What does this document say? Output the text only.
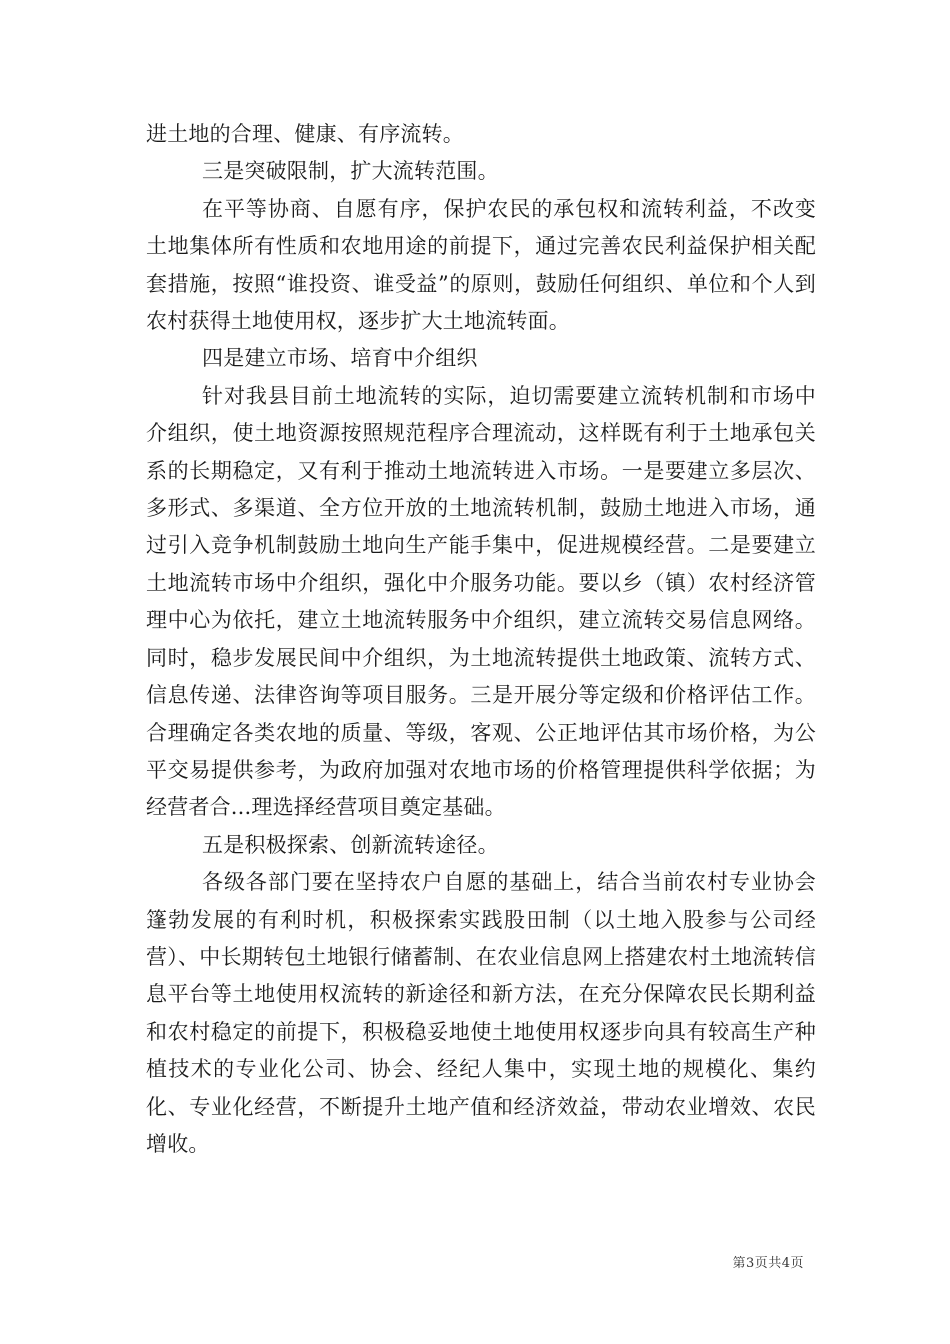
进土地的合理、健康、有序流转。

三是突破限制，扩大流转范围。

在平等协商、自愿有序，保护农民的承包权和流转利益，不改变土地集体所有性质和农地用途的前提下，通过完善农民利益保护相关配套措施，按照“谁投资、谁受益”的原则，鼓励任何组织、单位和个人到农村获得土地使用权，逐步扩大土地流转面。

四是建立市场、培育中介组织

针对我县目前土地流转的实际，迫切需要建立流转机制和市场中介组织，使土地资源按照规范程序合理流动，这样既有利于土地承包关系的长期稳定，又有利于推动土地流转进入市场。一是要建立多层次、多形式、多渠道、全方位开放的土地流转机制，鼓励土地进入市场，通过引入竞争机制鼓励土地向生产能手集中，促进规模经营。二是要建立土地流转市场中介组织，强化中介服务功能。要以乡（镇）农村经济管理中心为依托，建立土地流转服务中介组织，建立流转交易信息网络。同时，稳步发展民间中介组织，为土地流转提供土地政策、流转方式、信息传递、法律咨询等项目服务。三是开展分等定级和价格评估工作。合理确定各类农地的质量、等级，客观、公正地评估其市场价格，为公平交易提供参考，为政府加强对农地市场的价格管理提供科学依据；为经营者合...理选择经营项目奠定基础。

五是积极探索、创新流转途径。

各级各部门要在坚持农户自愿的基础上，结合当前农村专业协会篷勃发展的有利时机，积极探索实践股田制（以土地入股参与公司经营）、中长期转包土地银行储蓄制、在农业信息网上搭建农村土地流转信息平台等土地使用权流转的新途径和新方法，在充分保障农民长期利益和农村稳定的前提下，积极稳妥地使土地使用权逐步向具有较高生产种植技术的专业化公司、协会、经纪人集中，实现土地的规模化、集约化、专业化经营，不断提升土地产值和经济效益，带动农业增效、农民增收。

第3页共4页
